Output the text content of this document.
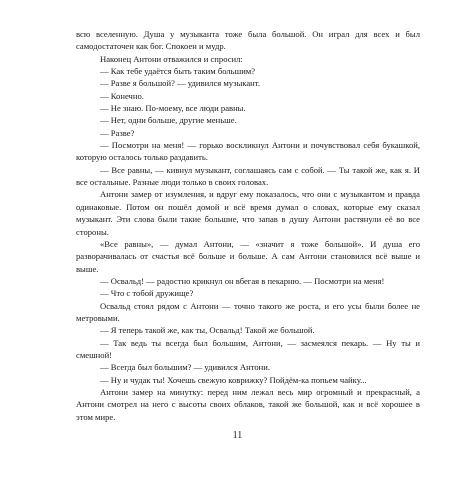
всю вселенную. Душа у музыканта тоже была большой. Он играл для всех и был самодостаточен как бог. Спокоен и мудр.

Наконец Антони отважился и спросил:

— Как тебе удаётся быть таким большим?

— Разве я большой? — удивился музыкант.

— Конечно.

— Не знаю. По-моему, все люди равны.

— Нет, одни больше, другие меньше.

— Разве?

— Посмотри на меня! — горько воскликнул Антони и почувствовал себя букашкой, которую осталось только раздавить.

— Все равны, — кивнул музыкант, соглашаясь сам с собой. — Ты такой же, как я. И все остальные. Разные люди только в своих головах.

Антони замер от изумления, и вдруг ему показалось, что они с музыкантом и правда одинаковые. Потом он пошёл домой и всё время думал о словах, которые ему сказал музыкант. Эти слова были такие большие, что запав в душу Антони растянули её во все стороны.

«Все равны», — думал Антони, — «значит я тоже большой». И душа его разворачивалась от счастья всё больше и больше. А сам Антони становился всё выше и выше.

— Освальд! — радостно крикнул он вбегая в пекарню. — Посмотри на меня!

— Что с тобой дружище?

Освальд стоял рядом с Антони — точно такого же роста, и его усы были более не метровыми.

— Я теперь такой же, как ты, Освальд! Такой же большой.

— Так ведь ты всегда был большим, Антони, — засмеялся пекарь. — Ну ты и смешной!

— Всегда был большим? — удивился Антони.

— Ну и чудак ты! Хочешь свежую коврижку? Пойдём-ка попьем чайку...

Антони замер на минутку: перед ним лежал весь мир огромный и прекрасный, а Антони смотрел на него с высоты своих облаков, такой же большой, как и всё хорошее в этом мире.

11
